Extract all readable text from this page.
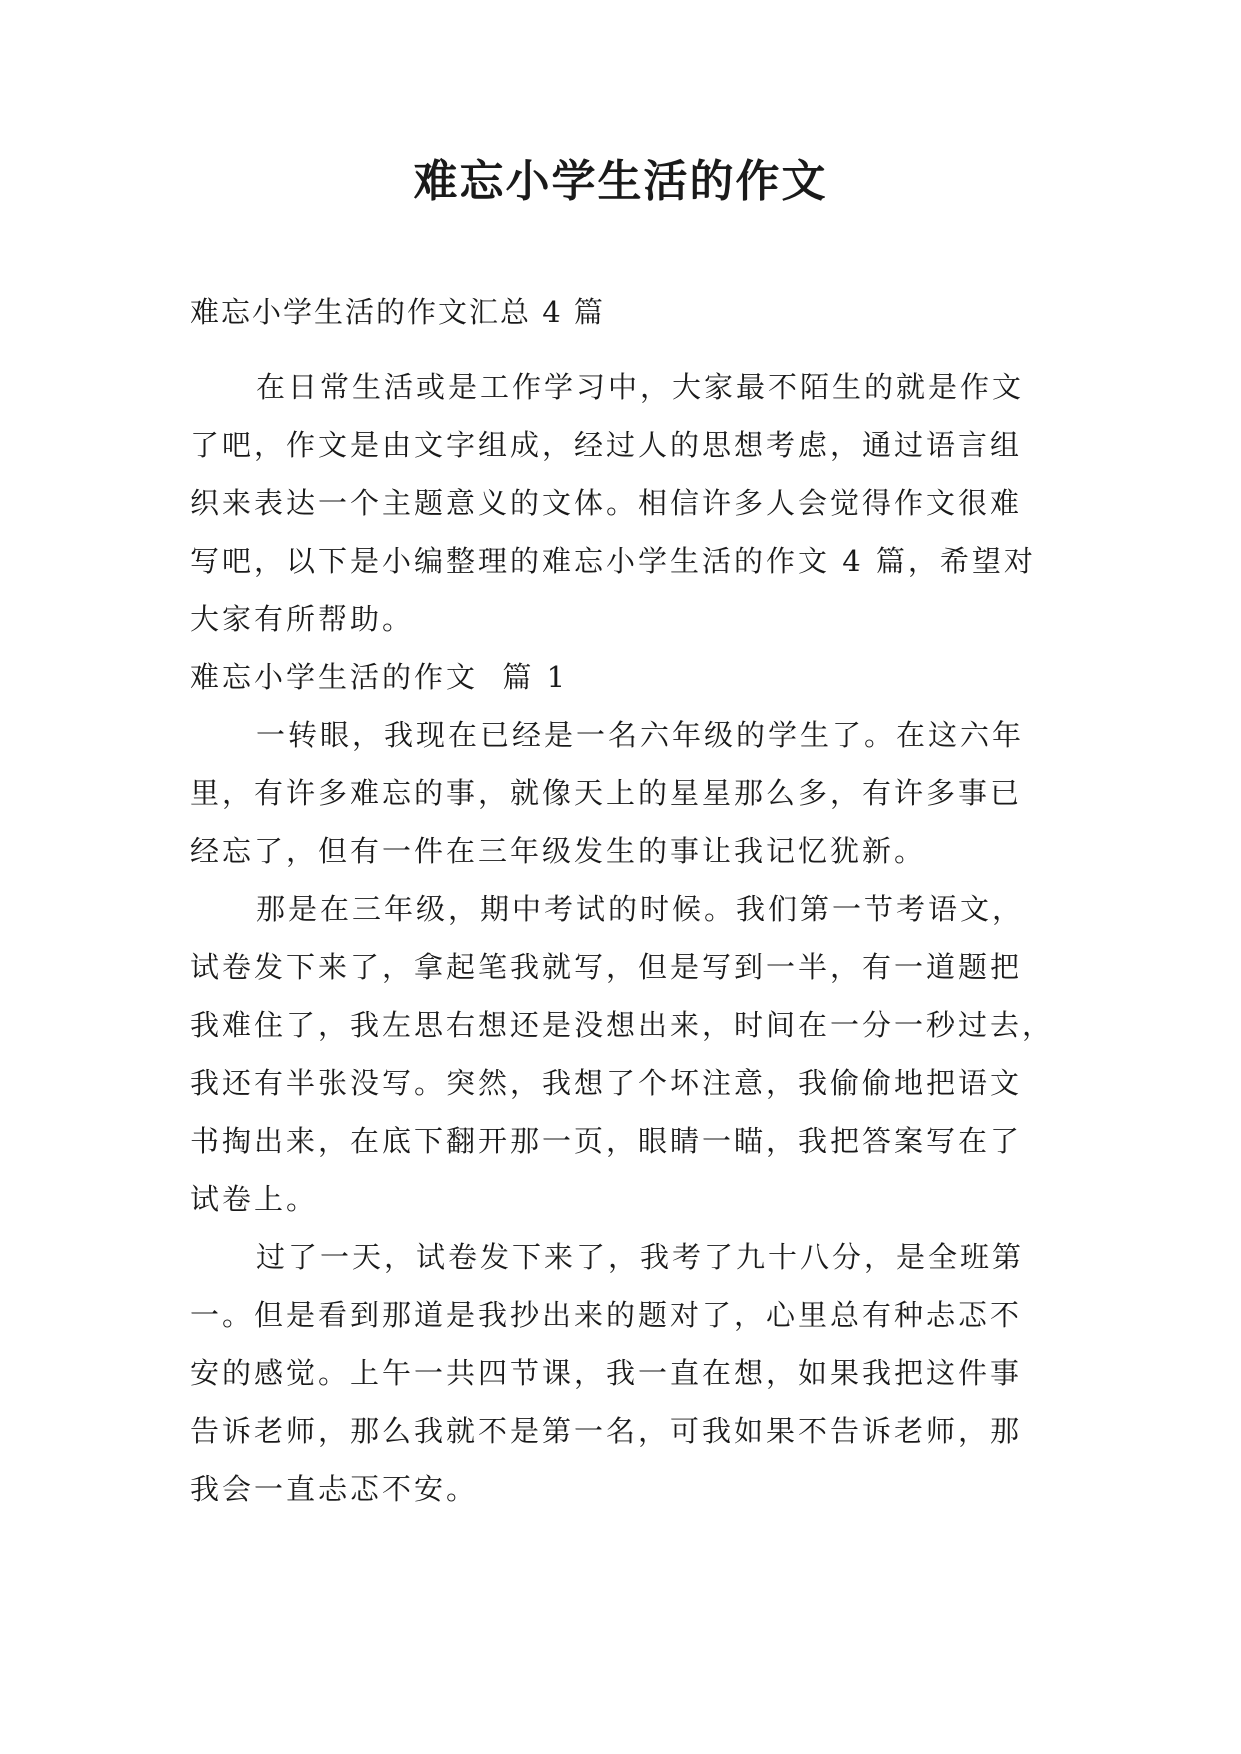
难忘小学生活的作文

难忘小学生活的作文汇总 4 篇

在日常生活或是工作学习中，大家最不陌生的就是作文
了吧，作文是由文字组成，经过人的思想考虑，通过语言组
织来表达一个主题意义的文体。相信许多人会觉得作文很难
写吧，以下是小编整理的难忘小学生活的作文 4 篇，希望对
大家有所帮助。
难忘小学生活的作文  篇 1
一转眼，我现在已经是一名六年级的学生了。在这六年
里，有许多难忘的事，就像天上的星星那么多，有许多事已
经忘了，但有一件在三年级发生的事让我记忆犹新。
那是在三年级，期中考试的时候。我们第一节考语文，
试卷发下来了，拿起笔我就写，但是写到一半，有一道题把
我难住了，我左思右想还是没想出来，时间在一分一秒过去，
我还有半张没写。突然，我想了个坏注意，我偷偷地把语文
书掏出来，在底下翻开那一页，眼睛一瞄，我把答案写在了
试卷上。
过了一天，试卷发下来了，我考了九十八分，是全班第
一。但是看到那道是我抄出来的题对了，心里总有种忐忑不
安的感觉。上午一共四节课，我一直在想，如果我把这件事
告诉老师，那么我就不是第一名，可我如果不告诉老师，那
我会一直忐忑不安。
